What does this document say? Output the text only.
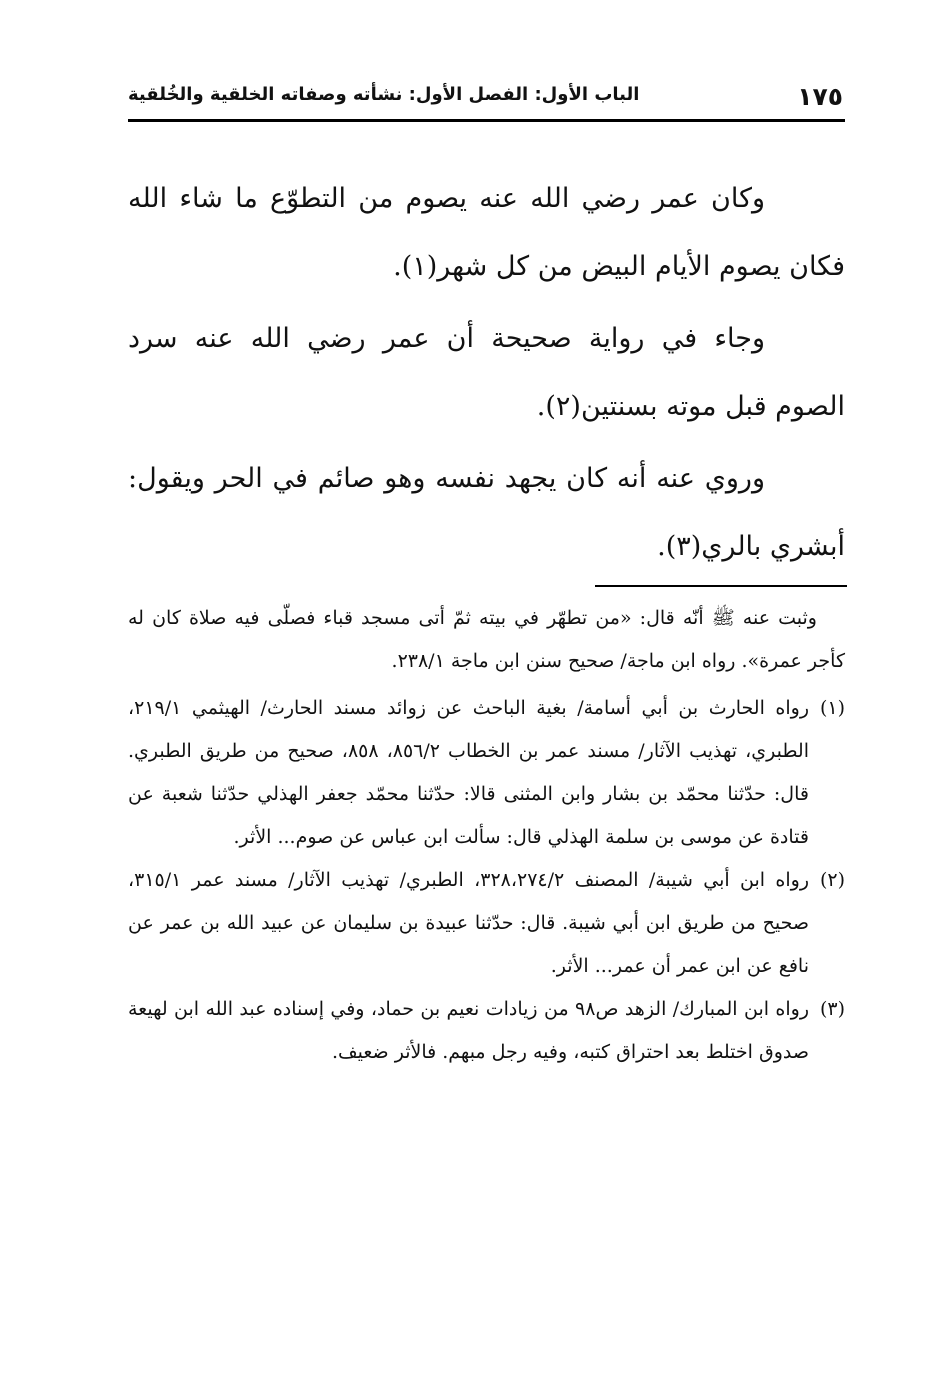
١٧٥
الباب الأول: الفصل الأول: نشأته وصفاته الخلقية والخُلقية

وكان عمر رضي الله عنه يصوم من التطوّع ما شاء الله فكان يصوم الأيام البيض من كل شهر(١).

وجاء في رواية صحيحة أن عمر رضي الله عنه سرد الصوم قبل موته بسنتين(٢).

وروي عنه أنه كان يجهد نفسه وهو صائم في الحر ويقول: أبشري بالري(٣).

وثبت عنه ﷺ أنّه قال: «من تطهّر في بيته ثمّ أتى مسجد قباء فصلّى فيه صلاة كان له كأجر عمرة». رواه ابن ماجة/ صحيح سنن ابن ماجة ٢٣٨/١.

(١)رواه الحارث بن أبي أسامة/ بغية الباحث عن زوائد مسند الحارث/ الهيثمي ٢١٩/١، الطبري، تهذيب الآثار/ مسند عمر بن الخطاب ٨٥٦/٢، ٨٥٨، صحيح من طريق الطبري. قال: حدّثنا محمّد بن بشار وابن المثنى قالا: حدّثنا محمّد جعفر الهذلي حدّثنا شعبة عن قتادة عن موسى بن سلمة الهذلي قال: سألت ابن عباس عن صوم... الأثر.

(٢)رواه ابن أبي شيبة/ المصنف ٣٢٨،٢٧٤/٢، الطبري/ تهذيب الآثار/ مسند عمر ٣١٥/١، صحيح من طريق ابن أبي شيبة. قال: حدّثنا عبيدة بن سليمان عن عبيد الله بن عمر عن نافع عن ابن عمر أن عمر... الأثر.

(٣)رواه ابن المبارك/ الزهد ص٩٨ من زيادات نعيم بن حماد، وفي إسناده عبد الله ابن لهيعة صدوق اختلط بعد احتراق كتبه، وفيه رجل مبهم. فالأثر ضعيف.
